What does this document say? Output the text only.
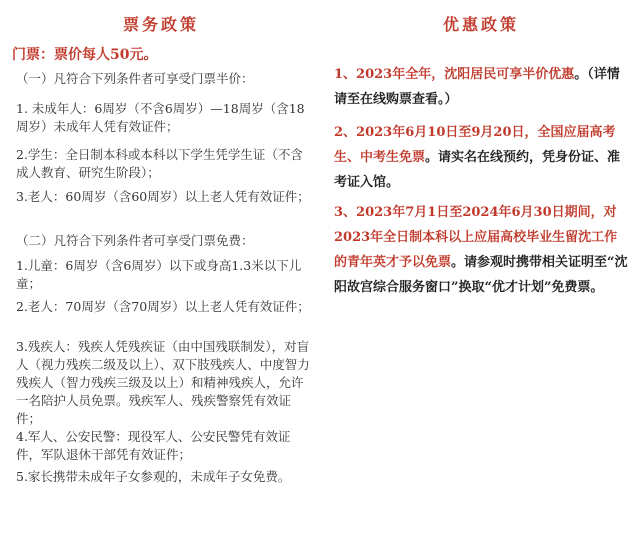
票务政策
门票：票价每人50元。
（一）凡符合下列条件者可享受门票半价：
1. 未成年人：6周岁（不含6周岁）—18周岁（含18周岁）未成年人凭有效证件；
2.学生：全日制本科或本科以下学生凭学生证（不含成人教育、研究生阶段）；
3.老人：60周岁（含60周岁）以上老人凭有效证件；
（二）凡符合下列条件者可享受门票免费：
1.儿童：6周岁（含6周岁）以下或身高1.3米以下儿童；
2.老人：70周岁（含70周岁）以上老人凭有效证件；
3.残疾人：残疾人凭残疾证（由中国残联制发），对盲人（视力残疾二级及以上）、双下肢残疾人、中度智力残疾人（智力残疾三级及以上）和精神残疾人，允许一名陪护人员免票。残疾军人、残疾警察凭有效证件；
4.军人、公安民警：现役军人、公安民警凭有效证件，军队退休干部凭有效证件；
5.家长携带未成年子女参观的，未成年子女免费。
优惠政策
1、2023年全年，沈阳居民可享半价优惠。（详情请至在线购票查看。）
2、2023年6月10日至9月20日，全国应届高考生、中考生免票。请实名在线预约，凭身份证、准考证入馆。
3、2023年7月1日至2024年6月30日期间，对2023年全日制本科以上应届高校毕业生留沈工作的青年英才予以免票。请参观时携带相关证明至“沈阳故宫综合服务窗口”换取“优才计划”免费票。
